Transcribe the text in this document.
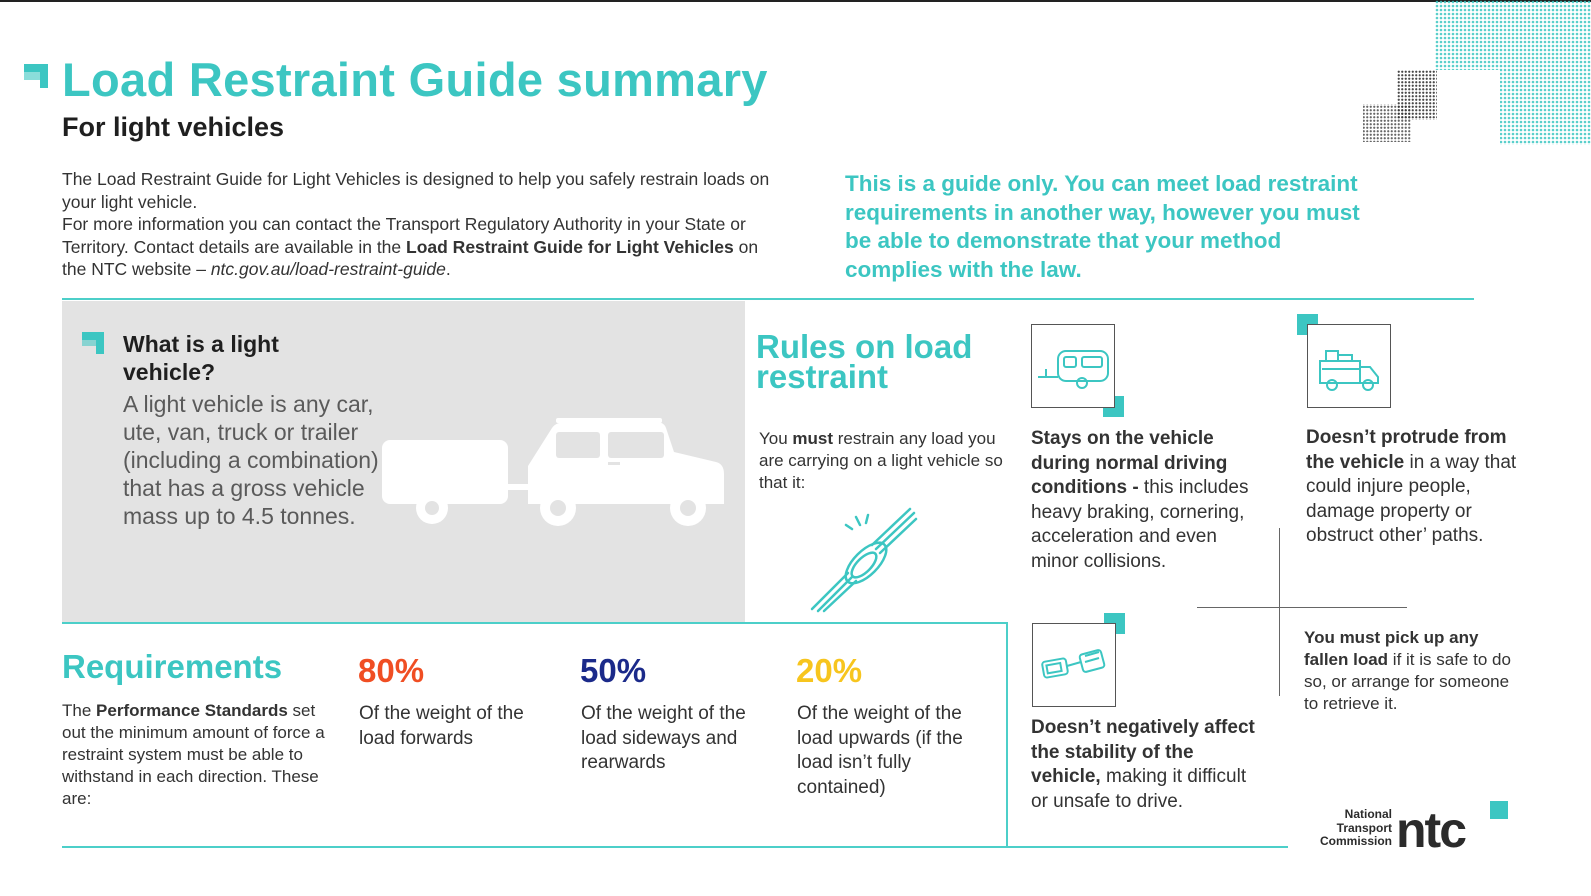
Load Restraint Guide summary
For light vehicles

The Load Restraint Guide for Light Vehicles is designed to help you safely restrain loads on your light vehicle.

For more information you can contact the Transport Regulatory Authority in your State or Territory. Contact details are available in the Load Restraint Guide for Light Vehicles on the NTC website – ntc.gov.au/load-restraint-guide.

This is a guide only. You can meet load restraint requirements in another way, however you must be able to demonstrate that your method complies with the law.
What is a light vehicle?
A light vehicle is any car, ute, van, truck or trailer (including a combination) that has a gross vehicle mass up to 4.5 tonnes.
Rules on load restraint
You must restrain any load you are carrying on a light vehicle so that it:
Stays on the vehicle during normal driving conditions - this includes heavy braking, cornering, acceleration and even minor collisions.
Doesn’t protrude from the vehicle in a way that could injure people, damage property or obstruct other’ paths.
Doesn’t negatively affect the stability of the vehicle, making it difficult or unsafe to drive.
You must pick up any fallen load if it is safe to do so, or arrange for someone to retrieve it.
Requirements
The Performance Standards set out the minimum amount of force a restraint system must be able to withstand in each direction. These are:
80%
Of the weight of the load forwards
50%
Of the weight of the load sideways and rearwards
20%
Of the weight of the load upwards (if the load isn’t fully contained)
National
Transport
Commission ntc
